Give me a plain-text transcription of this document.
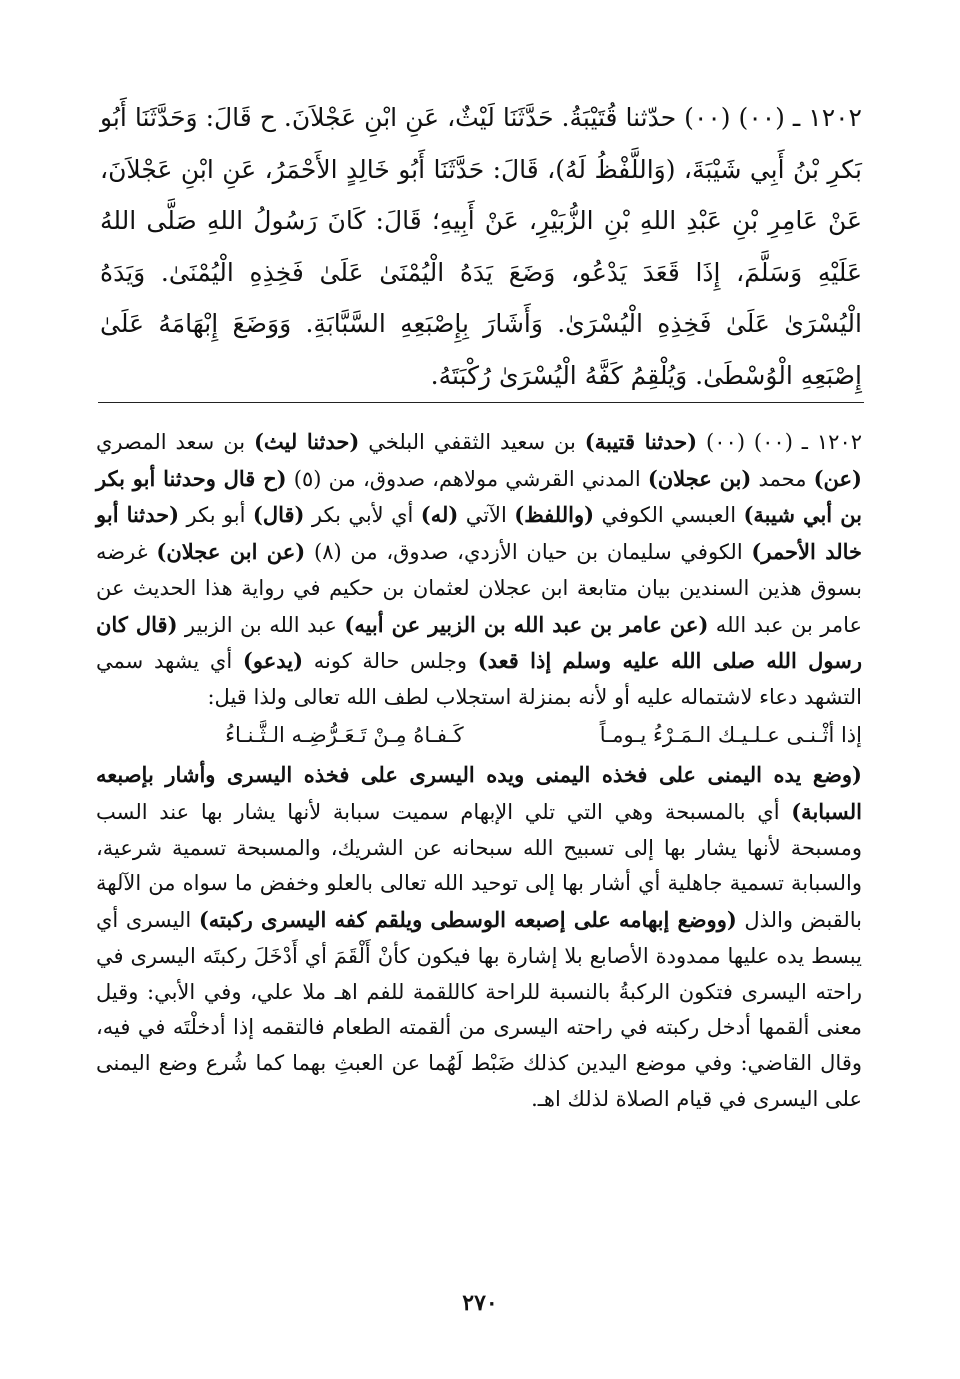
١٢٠٢ ـ (٠٠) (٠٠) حدّثنا قُتَيْبَةُ. حَدَّثَنَا لَيْثٌ، عَنِ ابْنِ عَجْلاَنَ. ح قَالَ: وَحَدَّثَنَا أَبُو بَكرِ بْنُ أَبِي شَيْبَةَ، (وَاللَّفْظُ لَهُ)، قَالَ: حَدَّثَنَا أَبُو خَالِدٍ الأَحْمَرُ، عَنِ ابْنِ عَجْلاَنَ، عَنْ عَامِرِ بْنِ عَبْدِ اللهِ بْنِ الزُّبَيْرِ، عَنْ أَبِيهِ؛ قَالَ: كَانَ رَسُولُ اللهِ صَلَّى اللهُ عَلَيْهِ وَسَلَّمَ، إِذَا قَعَدَ يَدْعُو، وَضَعَ يَدَهُ الْيُمْنَىٰ عَلَىٰ فَخِذِهِ الْيُمْنَىٰ. وَيَدَهُ الْيُسْرَىٰ عَلَىٰ فَخِذِهِ الْيُسْرَىٰ. وَأَشَارَ بِإِصْبَعِهِ السَّبَّابَةِ. وَوَضَعَ إِبْهَامَهُ عَلَىٰ إِصْبَعِهِ الْوُسْطَىٰ. وَيُلْقِمُ كَفَّهُ الْيُسْرَىٰ رُكْبَتَهُ.

١٢٠٢ ـ (٠٠) (٠٠) (حدثنا قتيبة) بن سعيد الثقفي البلخي (حدثنا ليث) بن سعد المصري (عن) محمد (بن عجلان) المدني القرشي مولاهم، صدوق، من (٥) (ح قال وحدثنا أبو بكر بن أبي شيبة) العبسي الكوفي (واللفظ) الآتي (له) أي لأبي بكر (قال) أبو بكر (حدثنا أبو خالد الأحمر) الكوفي سليمان بن حيان الأزدي، صدوق، من (٨) (عن ابن عجلان) غرضه بسوق هذين السندين بيان متابعة ابن عجلان لعثمان بن حكيم في رواية هذا الحديث عن عامر بن عبد الله (عن عامر بن عبد الله بن الزبير عن أبيه) عبد الله بن الزبير (قال كان رسول الله صلى الله عليه وسلم إذا قعد) وجلس حالة كونه (يدعو) أي يشهد سمي التشهد دعاء لاشتماله عليه أو لأنه بمنزلة استجلاب لطف الله تعالى ولذا قيل:

إذا أثْـنـى عـلـيـك الـمَـرْءُ يـومـاً
كَـفـاهُ مِـنْ تَـعَـرُّضِـه الـثَّـنـاءُ

(وضع يده اليمنى على فخذه اليمنى ويده اليسرى على فخذه اليسرى وأشار بإصبعه السبابة) أي بالمسبحة وهي التي تلي الإبهام سميت سبابة لأنها يشار بها عند السب ومسبحة لأنها يشار بها إلى تسبيح الله سبحانه عن الشريك، والمسبحة تسمية شرعية، والسبابة تسمية جاهلية أي أشار بها إلى توحيد الله تعالى بالعلو وخفض ما سواه من الآلهة بالقبض والذل (ووضع إبهامه على إصبعه الوسطى ويلقم كفه اليسرى ركبته) اليسرى أي يبسط يده عليها ممدودة الأصابع بلا إشارة بها فيكون كأنْ أَلْقَمَ أي أَدْخَلَ ركبتَه اليسرى في راحته اليسرى فتكون الركبةُ بالنسبة للراحة كاللقمة للفم اهـ ملا علي، وفي الأبي: وقيل معنى ألقمها أدخل ركبته في راحته اليسرى من ألقمته الطعام فالتقمه إذا أدخلْتَه في فيه، وقال القاضي: وفي موضع اليدين كذلك ضَبْط لَهُما عن العبثِ بهما كما شُرع وضع اليمنى على اليسرى في قيام الصلاة لذلك اهـ.

٢٧٠
